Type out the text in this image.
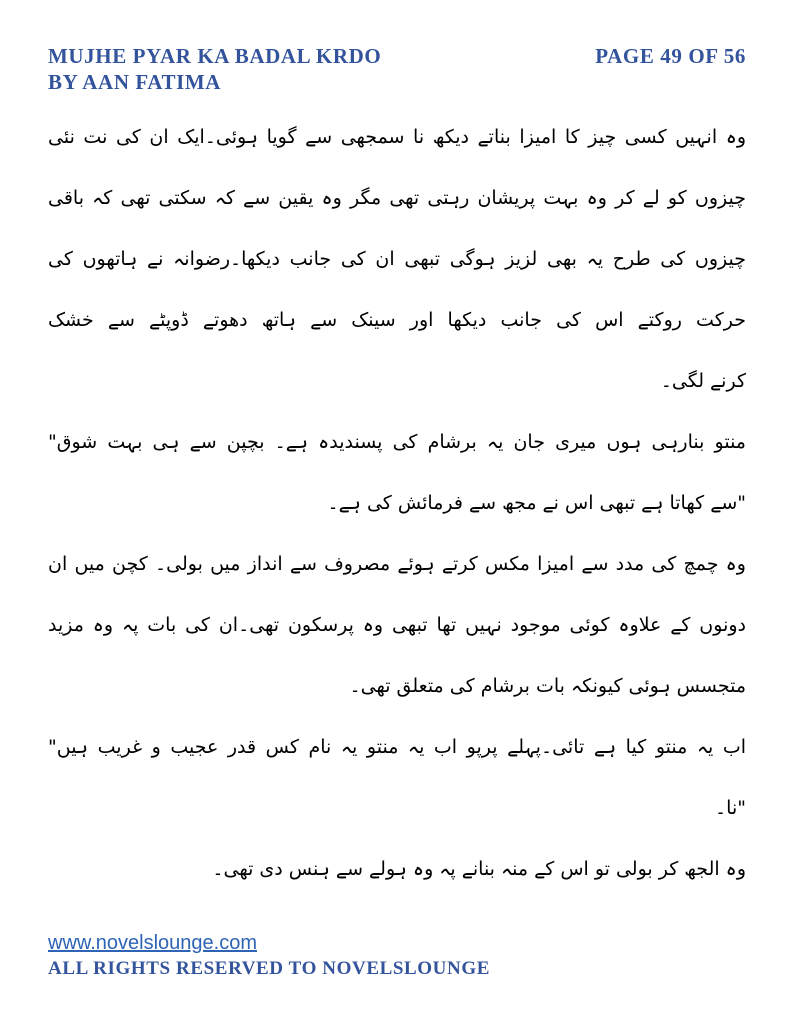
MUJHE PYAR KA BADAL KRDO
BY AAN FATIMA
PAGE 49 OF 56
وہ انہیں کسی چیز کا امیزا بناتے دیکھ نا سمجھی سے گویا ہوئی۔ایک ان کی نت نئی
چیزوں کو لے کر وہ بہت پریشان رہتی تھی مگر وہ یقین سے کہ سکتی تھی کہ باقی
چیزوں کی طرح یہ بھی لزیز ہوگی تبھی ان کی جانب دیکھا۔رضوانہ نے ہاتھوں کی
حرکت روکتے اس کی جانب دیکھا اور سینک سے ہاتھ دھوتے ڈوپٹے سے خشک
کرنے لگی۔
منتو بنارہی ہوں میری جان یہ برشام کی پسندیدہ ہے۔ بچپن سے ہی بہت شوق"
"سے کھاتا ہے تبھی اس نے مجھ سے فرمائش کی ہے۔
وہ چمچ کی مدد سے امیزا مکس کرتے ہوئے مصروف سے انداز میں بولی۔ کچن میں ان
دونوں کے علاوہ کوئی موجود نہیں تھا تبھی وہ پرسکون تھی۔ان کی بات پہ وہ مزید
متجسس ہوئی کیونکہ بات برشام کی متعلق تھی۔
اب یہ منتو کیا ہے تائی۔پہلے پرپو اب یہ منتو یہ نام کس قدر عجیب و غریب ہیں"
"نا۔
وہ الجھ کر بولی تو اس کے منہ بنانے پہ وہ ہولے سے ہنس دی تھی۔
www.novelslounge.com
ALL RIGHTS RESERVED TO NOVELSLOUNGE
